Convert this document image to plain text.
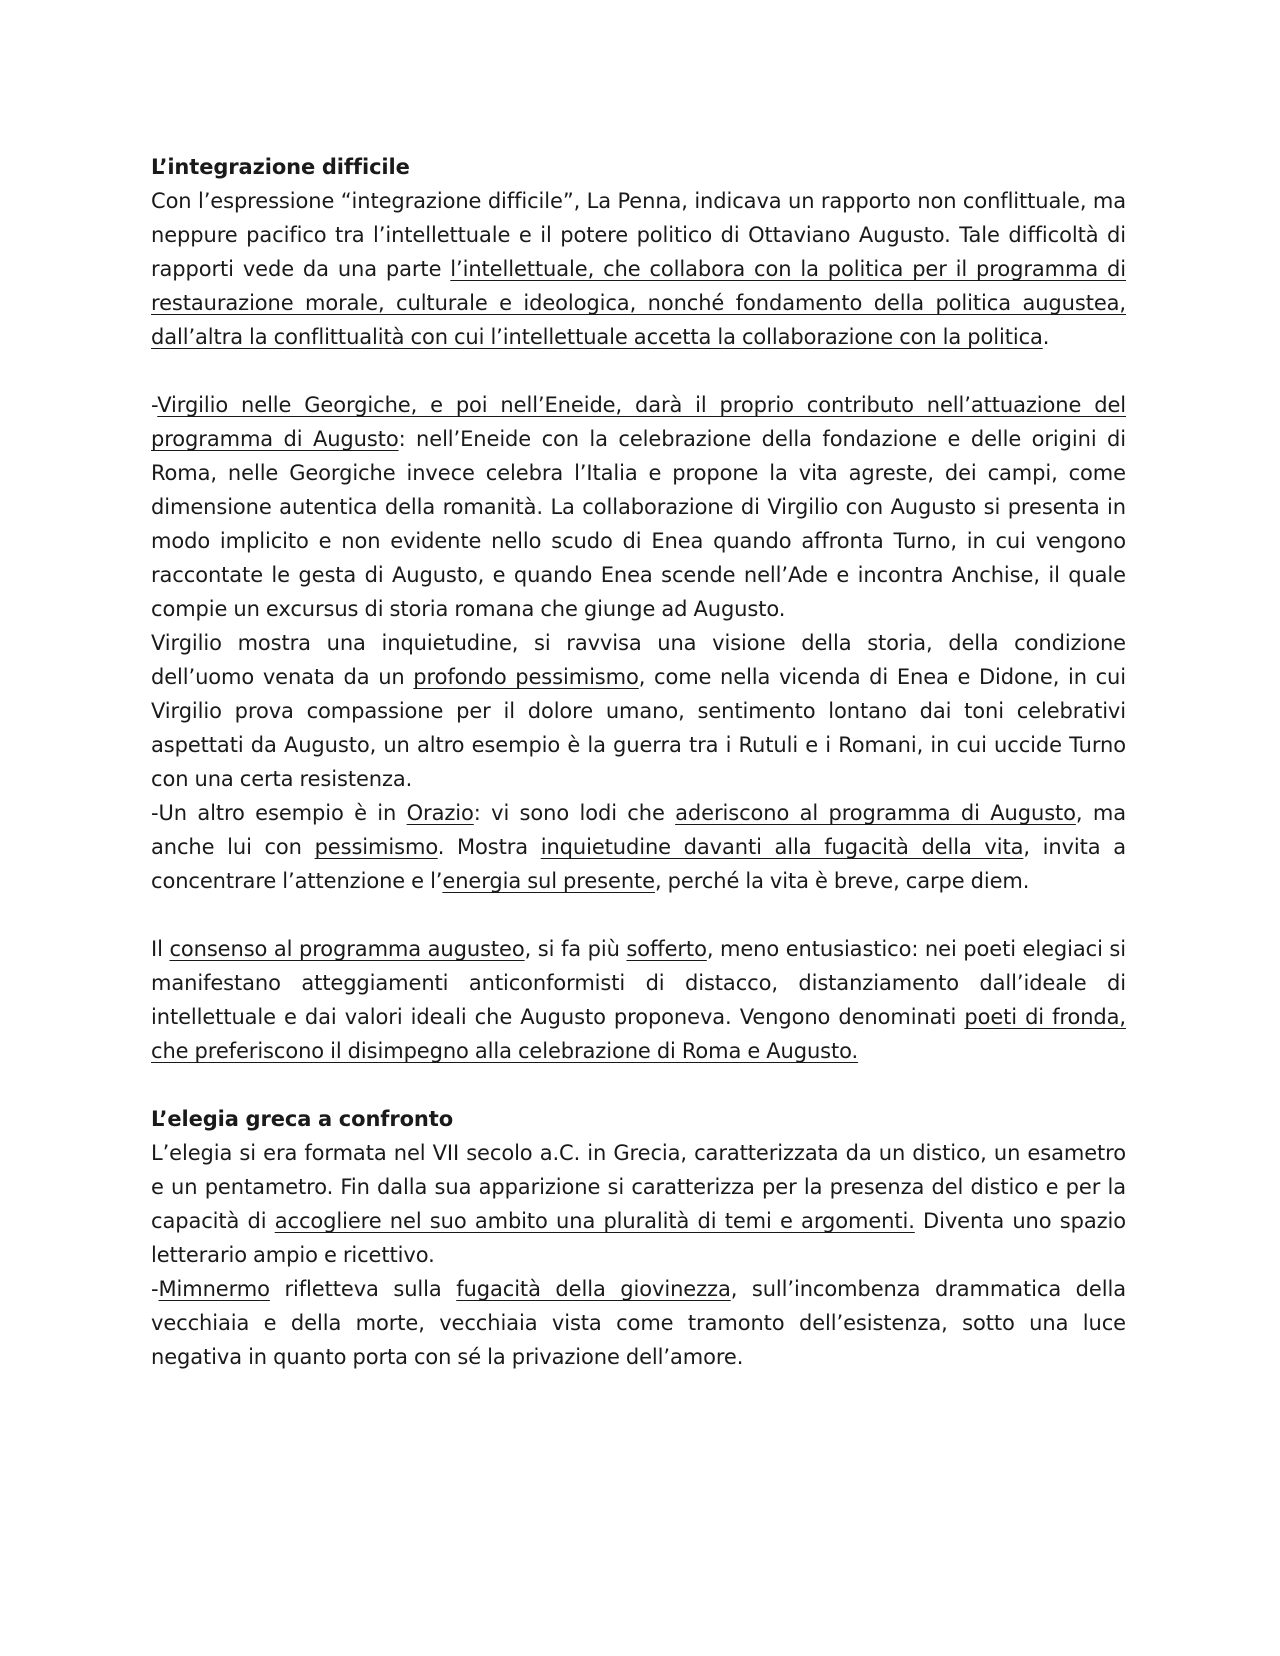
L’integrazione difficile

Con l’espressione “integrazione difficile”, La Penna, indicava un rapporto non conflittuale, ma neppure pacifico tra l’intellettuale e il potere politico di Ottaviano Augusto. Tale difficoltà di rapporti vede da una parte l’intellettuale, che collabora con la politica per il programma di restaurazione morale, culturale e ideologica, nonché fondamento della politica augustea, dall’altra la conflittualità con cui l’intellettuale accetta la collaborazione con la politica.

-Virgilio nelle Georgiche, e poi nell’Eneide, darà il proprio contributo nell’attuazione del programma di Augusto: nell’Eneide con la celebrazione della fondazione e delle origini di Roma, nelle Georgiche invece celebra l’Italia e propone la vita agreste, dei campi, come dimensione autentica della romanità. La collaborazione di Virgilio con Augusto si presenta in modo implicito e non evidente nello scudo di Enea quando affronta Turno, in cui vengono raccontate le gesta di Augusto, e quando Enea scende nell’Ade e incontra Anchise, il quale compie un excursus di storia romana che giunge ad Augusto.

Virgilio mostra una inquietudine, si ravvisa una visione della storia, della condizione dell’uomo venata da un profondo pessimismo, come nella vicenda di Enea e Didone, in cui Virgilio prova compassione per il dolore umano, sentimento lontano dai toni celebrativi aspettati da Augusto, un altro esempio è la guerra tra i Rutuli e i Romani, in cui uccide Turno con una certa resistenza.

-Un altro esempio è in Orazio: vi sono lodi che aderiscono al programma di Augusto, ma anche lui con pessimismo. Mostra inquietudine davanti alla fugacità della vita, invita a concentrare l’attenzione e l’energia sul presente, perché la vita è breve, carpe diem.

Il consenso al programma augusteo, si fa più sofferto, meno entusiastico: nei poeti elegiaci si manifestano atteggiamenti anticonformisti di distacco, distanziamento dall’ideale di intellettuale e dai valori ideali che Augusto proponeva. Vengono denominati poeti di fronda, che preferiscono il disimpegno alla celebrazione di Roma e Augusto.

L’elegia greca a confronto

L’elegia si era formata nel VII secolo a.C. in Grecia, caratterizzata da un distico, un esametro e un pentametro. Fin dalla sua apparizione si caratterizza per la presenza del distico e per la capacità di accogliere nel suo ambito una pluralità di temi e argomenti. Diventa uno spazio letterario ampio e ricettivo.

-Mimnermo rifletteva sulla fugacità della giovinezza, sull’incombenza drammatica della vecchiaia e della morte, vecchiaia vista come tramonto dell’esistenza, sotto una luce negativa in quanto porta con sé la privazione dell’amore.
